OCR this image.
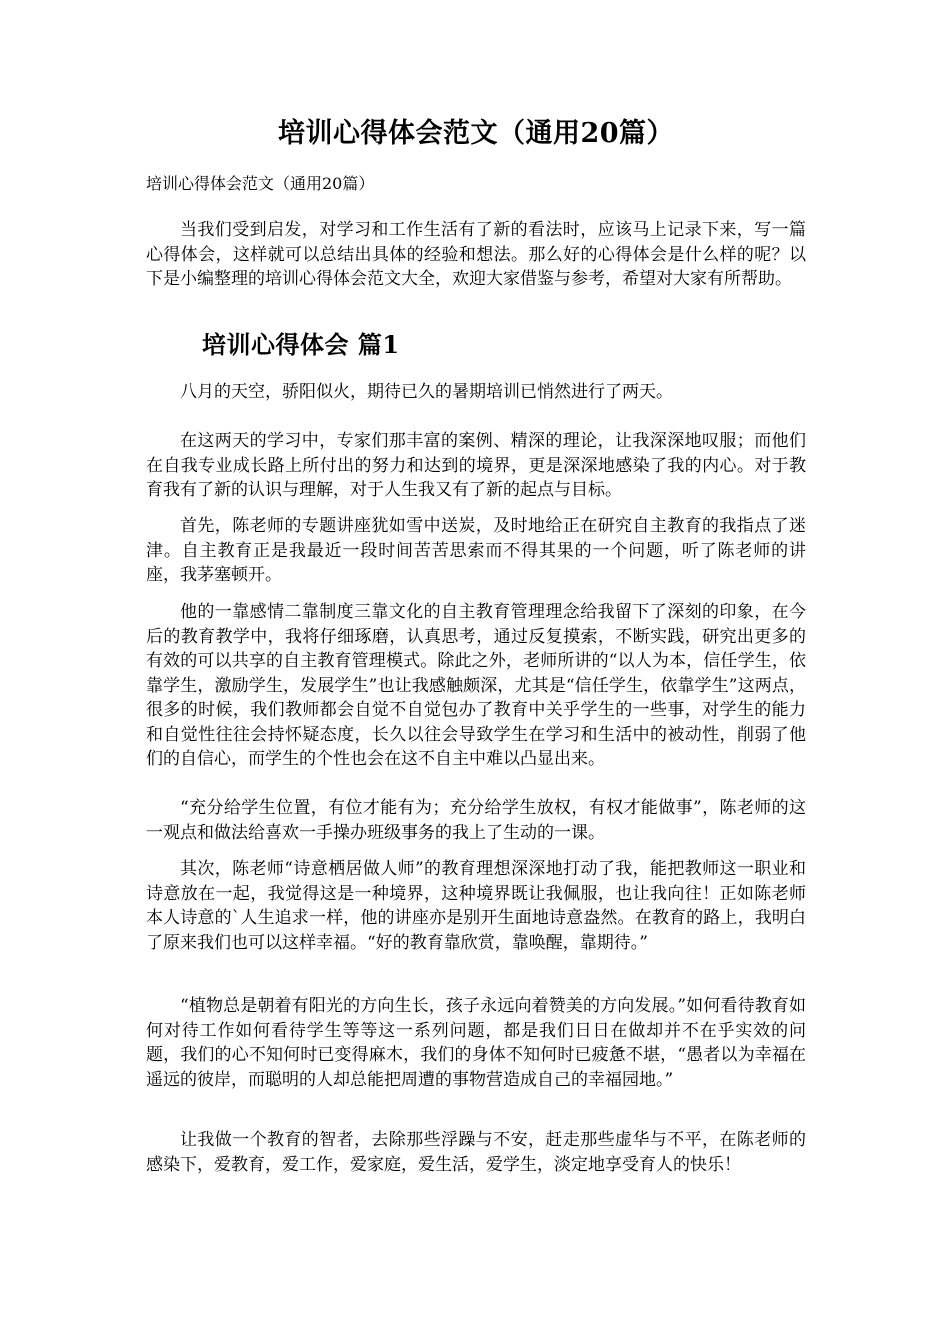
培训心得体会范文（通用20篇）
培训心得体会范文（通用20篇）

当我们受到启发，对学习和工作生活有了新的看法时，应该马上记录下来，写一篇心得体会，这样就可以总结出具体的经验和想法。那么好的心得体会是什么样的呢？以下是小编整理的培训心得体会范文大全，欢迎大家借鉴与参考，希望对大家有所帮助。

培训心得体会 篇1

八月的天空，骄阳似火，期待已久的暑期培训已悄然进行了两天。

在这两天的学习中，专家们那丰富的案例、精深的理论，让我深深地叹服；而他们在自我专业成长路上所付出的努力和达到的境界，更是深深地感染了我的内心。对于教育我有了新的认识与理解，对于人生我又有了新的起点与目标。

首先，陈老师的专题讲座犹如雪中送炭，及时地给正在研究自主教育的我指点了迷津。自主教育正是我最近一段时间苦苦思索而不得其果的一个问题，听了陈老师的讲座，我茅塞顿开。

他的一靠感情二靠制度三靠文化的自主教育管理理念给我留下了深刻的印象，在今后的教育教学中，我将仔细琢磨，认真思考，通过反复摸索，不断实践，研究出更多的有效的可以共享的自主教育管理模式。除此之外，老师所讲的“以人为本，信任学生，依靠学生，激励学生，发展学生”也让我感触颇深，尤其是“信任学生，依靠学生”这两点，很多的时候，我们教师都会自觉不自觉包办了教育中关乎学生的一些事，对学生的能力和自觉性往往会持怀疑态度，长久以往会导致学生在学习和生活中的被动性，削弱了他们的自信心，而学生的个性也会在这不自主中难以凸显出来。

“充分给学生位置，有位才能有为；充分给学生放权，有权才能做事”，陈老师的这一观点和做法给喜欢一手操办班级事务的我上了生动的一课。

其次，陈老师“诗意栖居做人师”的教育理想深深地打动了我，能把教师这一职业和诗意放在一起，我觉得这是一种境界，这种境界既让我佩服，也让我向往！正如陈老师本人诗意的`人生追求一样，他的讲座亦是别开生面地诗意盎然。在教育的路上，我明白了原来我们也可以这样幸福。“好的教育靠欣赏，靠唤醒，靠期待。”

“植物总是朝着有阳光的方向生长，孩子永远向着赞美的方向发展。”如何看待教育如何对待工作如何看待学生等等这一系列问题，都是我们日日在做却并不在乎实效的问题，我们的心不知何时已变得麻木，我们的身体不知何时已疲惫不堪，“愚者以为幸福在遥远的彼岸，而聪明的人却总能把周遭的事物营造成自己的幸福园地。”

让我做一个教育的智者，去除那些浮躁与不安，赶走那些虚华与不平，在陈老师的感染下，爱教育，爱工作，爱家庭，爱生活，爱学生，淡定地享受育人的快乐！
